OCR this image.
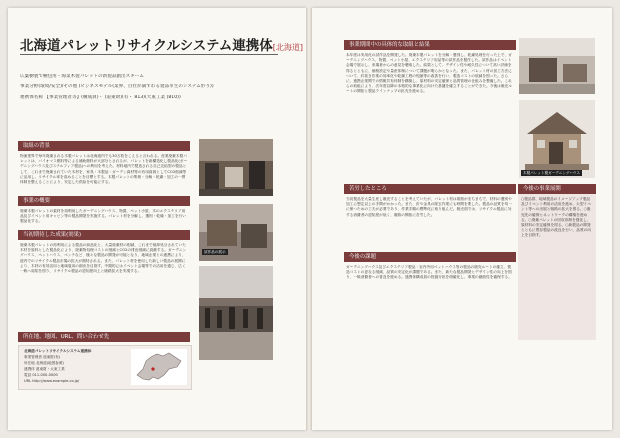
北海道パレットリサイクルシステム連携体[北海道]
広葉樹製で梱包用・海業木製パレットの新製品創出スキーム
事業分野(環境/安全)/その他 (ビジネスモデル(業界、目社が満ずわる製品市生のシステム形り))
連携体名称 【事業管理者等】(構成員)・ (道東財)(有・ 813)(大東工業 (810))
取組の背景
物流業界で毎年廃棄される木製パレットは北海道内でも30万枚をこえると言われる。産業廃棄木製パレットは、バイオマス燃料等による補助燃料が大部分とされるが、パレットを新構造化し製品化(ガーデニングハウス及びスチルフィア製品)への利用を考えた。材料地内で製造される自己完結型の製品として、これまで廃棄されていた木材を、家具・木製品・ガーデン資材等の有用資源としてCO2削減等に活用し、リサイクル率を高めることを目標とする。木製パレットの集荷・分解・乾燥・加工の一貫体制を整えることにより、安定した供給を可能にする。
事業の概要
廃棄木製パレットの素材を再利用したガーデニングハウス、物置、ペット小屋、木のエクステリア用品及びイベント用キャビン等の製品開発を実施する。パレット材を分解し、選別・乾燥・加工を行い製品化する。
当初期待した成果(効果)
廃棄木製パレットの再利用による製品の商品化と、大量廃棄材の削減、これまで焼却処分されていた木材を原料とした製品化により、廃棄物処理コストの削減とCO2の排出削減に貢献する。ガーデニングハウス、ペットハウス、ベンチなど、様々な製品の開発が可能となり、地域企業との連携により、道内でのリサイクル製品市場の拡大が期待される。また、パレット材を使用した新しい製品の展開により、木材の有効活用と地域雇用の創出を目指す。中期的にはイベント会場等での活用を通じ、広く一般へ周知を図り、リサイクル製品の認知度向上と販路拡大を実現する。
所在地、地図、URL、問い合わせ先
北海道パレットリサイクルシステム連携体
事業管理者 道東財(有)
所在地 北海道(地図参照)
連携体 道東財・大東工業
電話 011-000-0000
URL http://www.example.co.jp/
試作品の展示
事業期間中の具体的な取組と結果
本年度は実用化の試作品を開発した。廃棄木製パレットを分解・選別し、乾燥処理を行った上で、ガーデニングハウス、物置、ペット小屋、エクステリア用品等の試作品を製作した。試作品はイベント会場で展示し、来場者からの意見を聴取した。結果として、デザイン性や耐久性について高い評価を得るとともに、価格設定や量産体制について課題が明らかとなった。また、パレット材の加工方法について、釘抜き作業の効率化や乾燥工程の短縮等の改善を行い、製造コストの低減を図った。さらに、連携企業間での情報共有体制を構築し、原材料の安定確保と品質管理の仕組みを整備した。これらの取組により、次年度以降の本格的な事業化に向けた基盤を確立することができた。今後は販売ルートの開拓と製品ラインナップの拡充を進める。
木製パレット製ガーデニングハウス
苦労したところ
当初製品を大量生産し販売することを考えていたが、パレット材は規格がまちまちで、材料の選別や加工に想定以上の手間がかかった。また、釘や金具の除去作業にも時間を要した。製品の品質を均一に保つための工夫が必要であり、作業手順の標準化に取り組んだ。販売面では、リサイクル製品に対する消費者の認知度が低く、販路の開拓に苦労した。
今後の課題
ガーデニングハウス及びエクステリア製品・室内外用ペットハウス等の製品の販売ルートの確立、製造コストの更なる削減、品質の安定化が課題である。また、新たな製品開発とデザイン性の向上を図り、一般消費者への普及を進める。連携体構成員の役割分担を明確化し、事業の継続性を確保する。
今後の事業展開
○製品群、地域製品のイメージアップ製品及びイベント利用の活用を進め、大型イベント等への出展と販路の拡大を図る。○販売先の確保とネットワークの構築を進める。○廃棄パレットの回収体制を強化し、原材料の安定確保を図る。○新製品の開発とともに既存製品の改良を行い、品質の向上を目指す。
